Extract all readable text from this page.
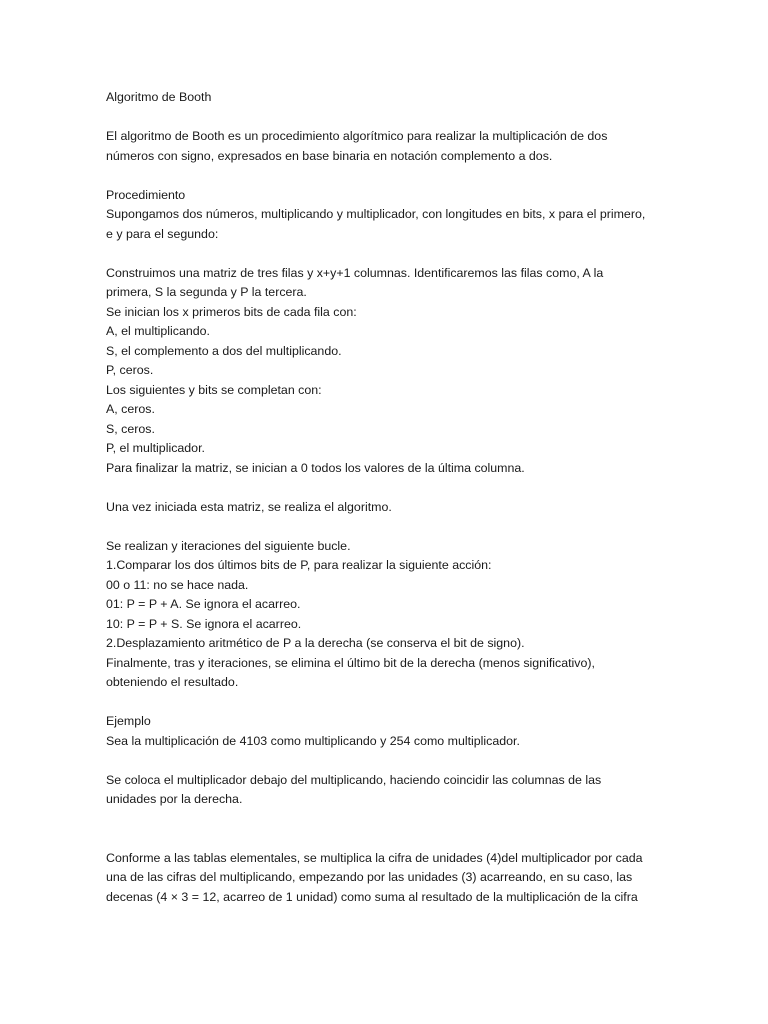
Algoritmo de Booth
El algoritmo de Booth es un procedimiento algorítmico para realizar la multiplicación de dos
números con signo, expresados en base binaria en notación complemento a dos.
Procedimiento
Supongamos dos números, multiplicando y multiplicador, con longitudes en bits, x para el primero,
e y para el segundo:
Construimos una matriz de tres filas y x+y+1 columnas. Identificaremos las filas como, A la
primera, S la segunda y P la tercera.
Se inician los x primeros bits de cada fila con:
A, el multiplicando.
S, el complemento a dos del multiplicando.
P, ceros.
Los siguientes y bits se completan con:
A, ceros.
S, ceros.
P, el multiplicador.
Para finalizar la matriz, se inician a 0 todos los valores de la última columna.
Una vez iniciada esta matriz, se realiza el algoritmo.
Se realizan y iteraciones del siguiente bucle.
1.Comparar los dos últimos bits de P, para realizar la siguiente acción:
00 o 11: no se hace nada.
01: P = P + A. Se ignora el acarreo.
10: P = P + S. Se ignora el acarreo.
2.Desplazamiento aritmético de P a la derecha (se conserva el bit de signo).
Finalmente, tras y iteraciones, se elimina el último bit de la derecha (menos significativo),
obteniendo el resultado.
Ejemplo
Sea la multiplicación de 4103 como multiplicando y 254 como multiplicador.
Se coloca el multiplicador debajo del multiplicando, haciendo coincidir las columnas de las
unidades por la derecha.
Conforme a las tablas elementales, se multiplica la cifra de unidades (4)del multiplicador por cada
una de las cifras del multiplicando, empezando por las unidades (3) acarreando, en su caso, las
decenas (4 × 3 = 12, acarreo de 1 unidad) como suma al resultado de la multiplicación de la cifra
